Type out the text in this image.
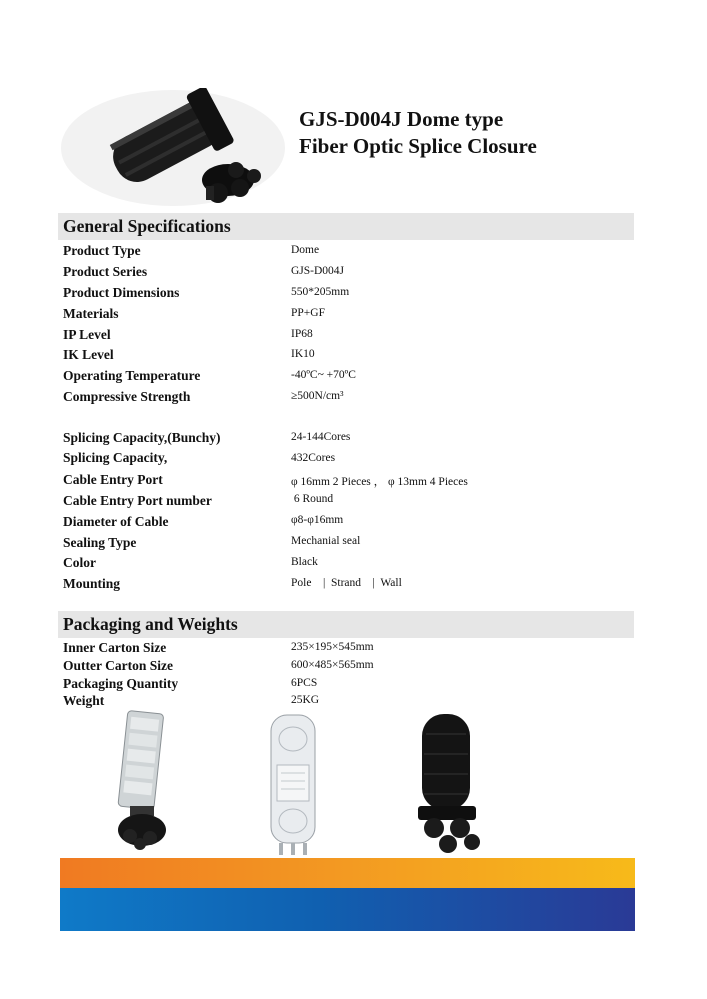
GJS-D004J Dome type
Fiber Optic Splice Closure
General Specifications
Product Type	Dome
Product Series	GJS-D004J
Product Dimensions	550*205mm
Materials	PP+GF
IP Level	IP68
IK Level	IK10
Operating Temperature	-40ºC~ +70ºC
Compressive Strength	≥500N/cm³
Splicing Capacity,(Bunchy)	24-144Cores
Splicing Capacity,	432Cores
Cable Entry Port	φ 16mm 2 Pieces ， φ 13mm 4 Pieces
Cable Entry Port number	6 Round
Diameter of Cable	φ8-φ16mm
Sealing Type	Mechanial seal
Color	Black
Mounting	Pole    |  Strand    |  Wall
Packaging and Weights
Inner Carton Size	235×195×545mm
Outter Carton Size	600×485×565mm
Packaging Quantity	6PCS
Weight	25KG
